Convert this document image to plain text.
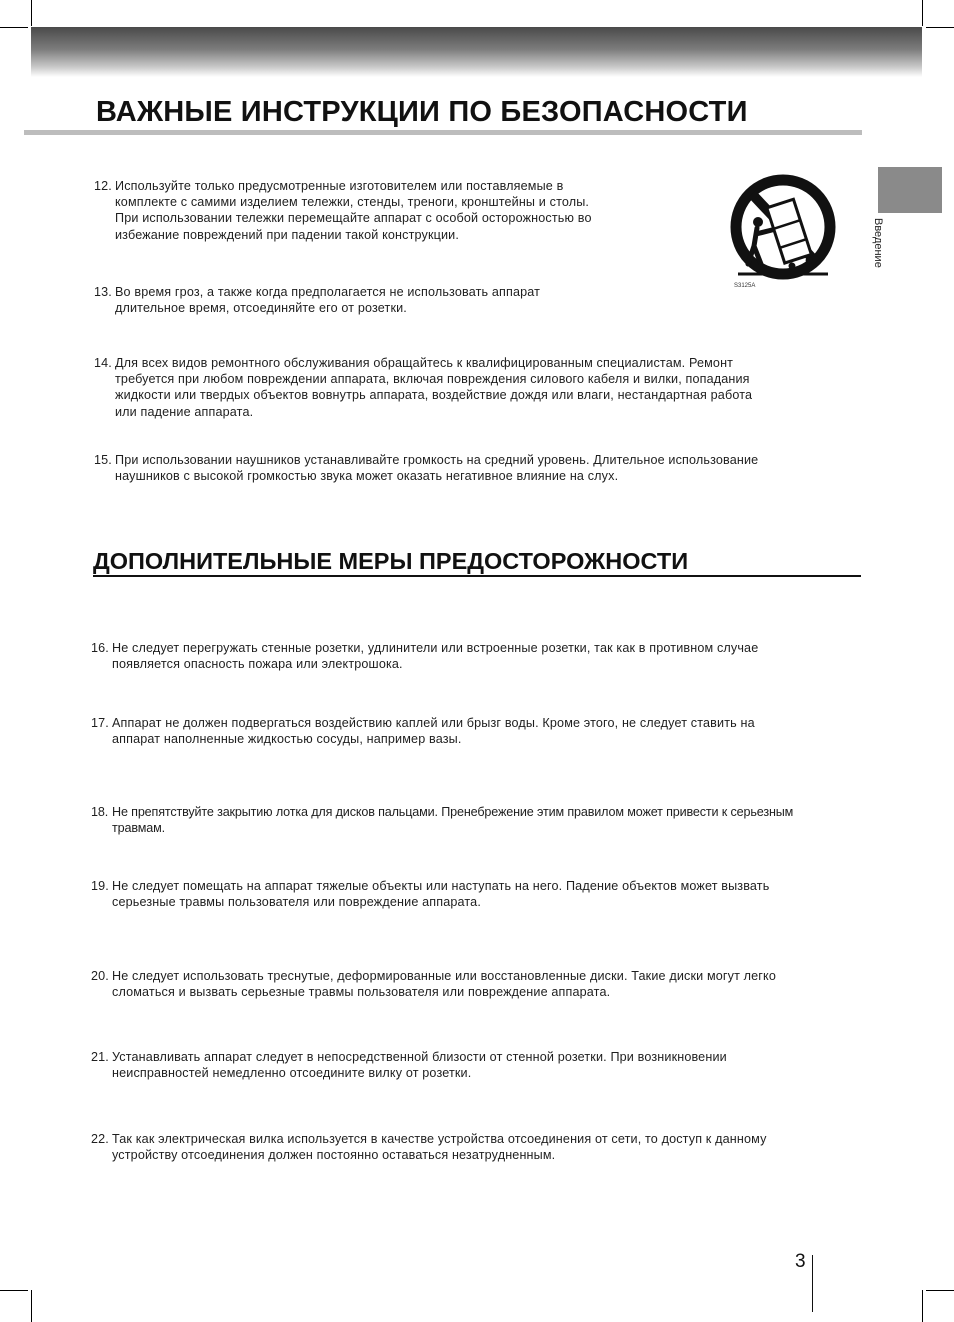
ВАЖНЫЕ ИНСТРУКЦИИ ПО БЕЗОПАСНОСТИ
Введение
S3125A
12. Используйте только предусмотренные изготовителем или поставляемые в
комплекте с самими изделием тележки, стенды, треноги, кронштейны и столы.
При использовании тележки перемещайте аппарат с особой осторожностью во
избежание повреждений при падении такой конструкции.
13. Во время гроз, а также когда предполагается не использовать аппарат
длительное время, отсоединяйте его от розетки.
14. Для всех видов ремонтного обслуживания обращайтесь к квалифицированным специалистам. Ремонт
требуется при любом повреждении аппарата, включая повреждения силового кабеля и вилки, попадания
жидкости или твердых объектов вовнутрь аппарата, воздействие дождя или влаги, нестандартная работа
или падение аппарата.
15. При использовании наушников устанавливайте громкость на средний уровень. Длительное использование
наушников с высокой громкостью звука может оказать негативное влияние на слух.
ДОПОЛНИТЕЛЬНЫЕ МЕРЫ ПРЕДОСТОРОЖНОСТИ
16. Не следует перегружать стенные розетки, удлинители или встроенные розетки, так как в противном случае
появляется опасность пожара или электрошока.
17. Аппарат не должен подвергаться воздействию каплей или брызг воды. Кроме этого, не следует ставить на
аппарат наполненные жидкостью сосуды, например вазы.
18. Не препятствуйте закрытию лотка для дисков пальцами. Пренебрежение этим правилом может привести к серьезным
травмам.
19. Не следует помещать на аппарат тяжелые объекты или наступать на него. Падение объектов может вызвать
серьезные травмы пользователя или повреждение аппарата.
20. Не следует использовать треснутые, деформированные или восстановленные диски. Такие диски могут легко
сломаться и вызвать серьезные травмы пользователя или повреждение аппарата.
21. Устанавливать аппарат следует в непосредственной близости от стенной розетки. При возникновении
неисправностей немедленно отсоедините вилку от розетки.
22. Так как электрическая вилка используется в качестве устройства отсоединения от сети, то доступ к данному
устройству отсоединения должен постоянно оставаться незатрудненным.
3
